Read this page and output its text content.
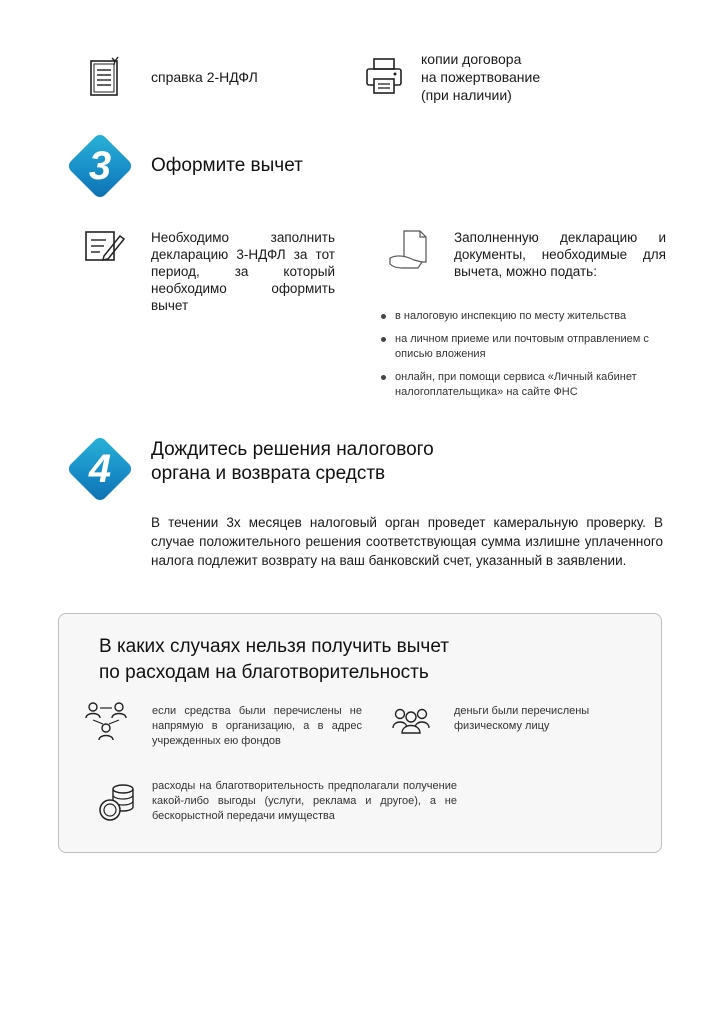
справка 2-НДФЛ
копии договора
на пожертвование
(при наличии)
3	Оформите вычет
Необходимо заполнить декларацию 3-НДФЛ за тот период, за который необходимо оформить вычет
Заполненную декларацию и документы, необходимые для вычета, можно подать:
в налоговую инспекцию по месту жительства
на личном приеме или почтовым отправлением с описью вложения
онлайн, при помощи сервиса «Личный кабинет налогоплательщика» на сайте ФНС
4	Дождитесь решения налогового
органа и возврата средств
В течении 3х месяцев налоговый орган проведет камеральную проверку. В случае положительного решения соответствующая сумма излишне уплаченного налога подлежит возврату на ваш банковский счет, указанный в заявлении.
В каких случаях нельзя получить вычет
по расходам на благотворительность
если средства были перечислены не напрямую в организацию, а в адрес учрежденных ею фондов
деньги были перечислены физическому лицу
расходы на благотворительность предполагали получение какой-либо выгоды (услуги, реклама и другое), а не бескорыстной передачи имущества
